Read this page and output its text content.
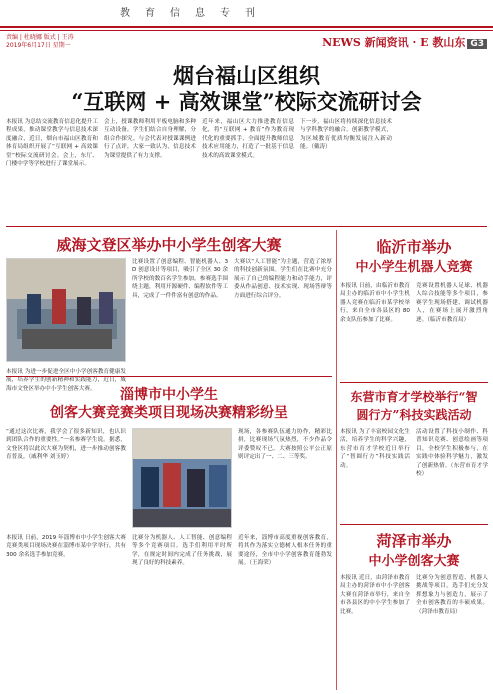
教育信息专刊
责编 | 杜晓娜 版式 | 王涛
2019年6月17日 星期一	NEWS 新闻资讯 · E 教山东 G3
烟台福山区组织
“互联网 + 高效课堂”校际交流研讨会
本报讯 为总结交流教育信息化提升工程成果，推动课堂教学与信息技术深度融合，近日，烟台市福山区教育和体育局组织开展了“互联网 + 高效课堂”校际交流研讨会。会上，东厅、门楼中学等学校进行了课堂展示。
会上，授课教师利用平板电脑和多种互动设备，学生们结合自身理解，分组合作探究。与会代表对授课课例进行了点评，大家一致认为，信息技术为课堂提供了有力支撑。
近年来，福山区大力推进教育信息化，将“互联网 + 教育”作为教育现代化的重要抓手，全面提升教师信息技术应用能力，打造了一批基于信息技术的高效课堂模式。
下一步，福山区将持续深化信息技术与学科教学的融合，创新教学模式，为区域教育优质均衡发展注入新动能。（戴涛）
威海文登区举办中小学生创客大赛
本报讯 为进一步促进全区中小学创客教育健康发展，培养学生的创新精神和实践能力，近日，威海市文登区举办中小学生创客大赛。
比赛设置了创意编程、智能机器人、3D 创意设计等项目，吸引了全区 30 余所学校的数百名学生参加。参赛选手围绕主题，利用开源硬件、编程软件等工具，完成了一件件富有创意的作品。
大赛以“人工智能”为主题，营造了浓厚的科技创新氛围。学生们在比赛中充分展示了自己的编程能力和动手能力，评委从作品创意、技术实现、现场答辩等方面进行综合评分。
淄博市中小学生
创客大赛竞赛类项目现场决赛精彩纷呈
“通过这次比赛，我学会了很多新知识，也认识到团队合作的重要性。”一名参赛学生说。据悉，文登区将以此次大赛为契机，进一步推动创客教育普及。（戚利华 刘玉婷）
现场，各参赛队伍通力协作，精彩比拼，比赛现场气氛热烈，不少作品令评委赞叹不已。大赛按照公平公正原则评定出了一、二、三等奖。
本报讯 日前，2019 年淄博市中小学生创客大赛竞赛类项目现场决赛在淄博市某中学举行，共有 300 余名选手参加竞赛。
比赛分为机器人、人工智能、创意编程等多个竞赛项目。选手们利用平时所学，在规定时间内完成了任务挑战，展现了良好的科技素养。
近年来，淄博市高度重视创客教育，将其作为落实立德树人根本任务的重要途径，全市中小学创客教育蓬勃发展。（王海荣）
临沂市举办
中小学生机器人竞赛
本报讯 日前，由临沂市教育局主办的临沂市中小学生机器人竞赛在临沂市某学校举行，来自全市各县区的 80 余支队伍参加了比赛。
竞赛设置机器人足球、机器人综合技能等多个项目，参赛学生现场搭建、调试机器人，在赛场上展开激烈角逐。（临沂市教育局）
东营市育才学校举行“智
圆行方”科技实践活动
本报讯 为了丰富校园文化生活，培养学生的科学兴趣，东营市育才学校近日举行了“智圆行方”科技实践活动。
活动设置了科技小制作、科普知识竞赛、创意绘画等项目，全校学生积极参与，在实践中体验科学魅力，激发了创新热情。（东营市育才学校）
菏泽市举办
中小学创客大赛
本报讯 近日，由菏泽市教育局主办的菏泽市中小学创客大赛在菏泽市举行，来自全市各县区的中小学生参加了比赛。
比赛分为创意智造、机器人挑战等项目，选手们充分发挥想象力与创造力，展示了全市创客教育的丰硕成果。（菏泽市教育局）
